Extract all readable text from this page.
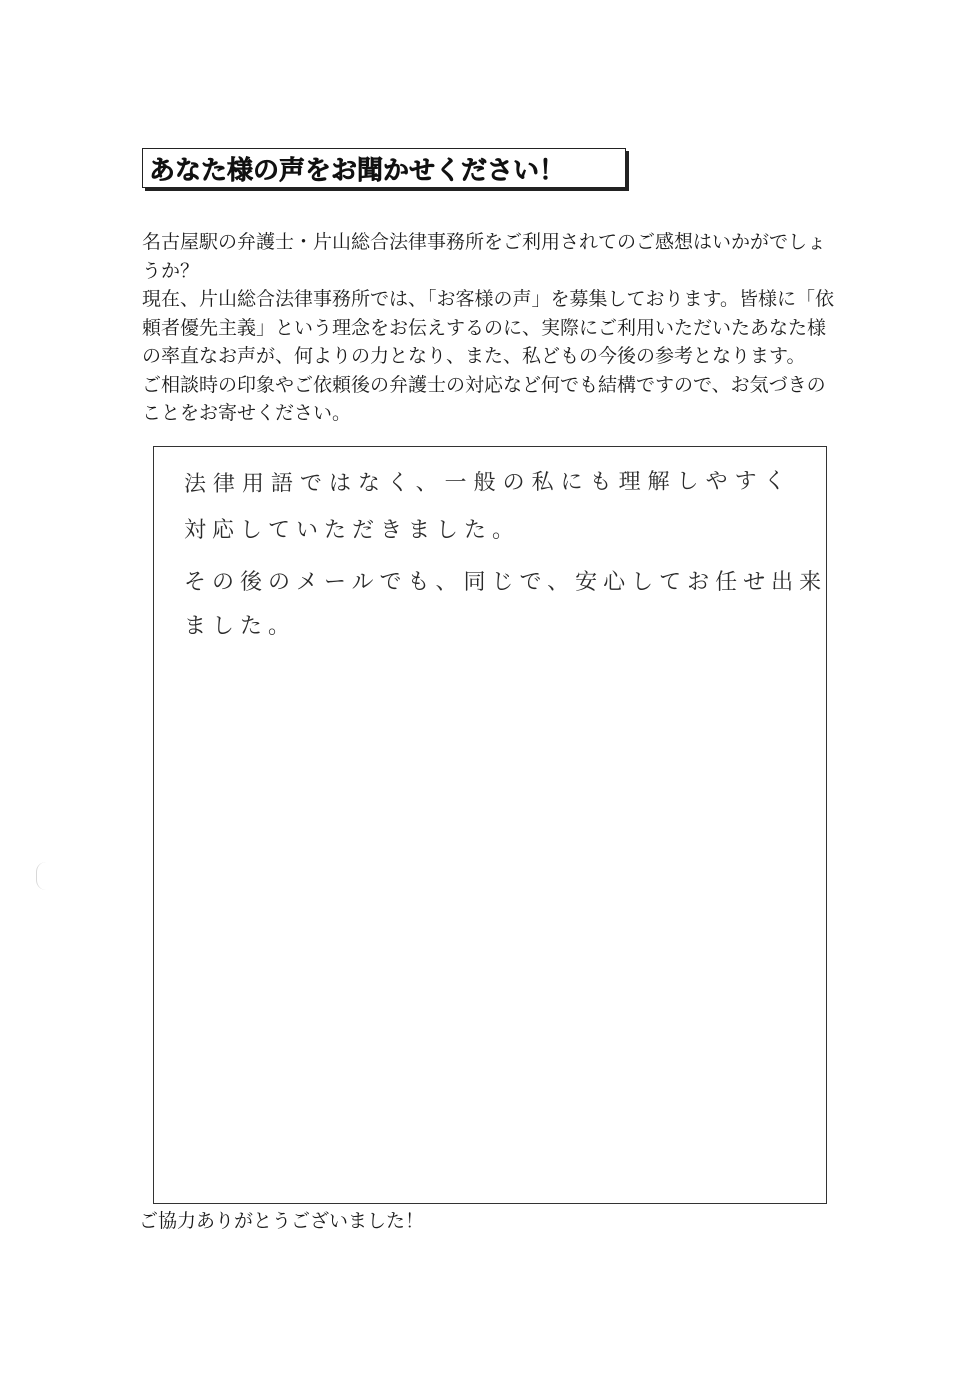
あなた様の声をお聞かせください！

名古屋駅の弁護士・片山総合法律事務所をご利用されてのご感想はいかがでしょうか？

現在、片山総合法律事務所では、「お客様の声」を募集しております。皆様に「依頼者優先主義」という理念をお伝えするのに、実際にご利用いただいたあなた様の率直なお声が、何よりの力となり、また、私どもの今後の参考となります。

ご相談時の印象やご依頼後の弁護士の対応など何でも結構ですので、お気づきのことをお寄せください。

法律用語ではなく、一般の私にも理解しやすく
対応していただきました。
その後のメールでも、同じで、安心してお任せ出来
ました。
ご協力ありがとうございました！
